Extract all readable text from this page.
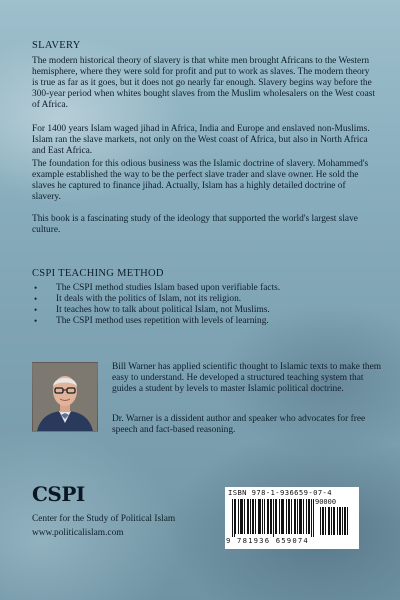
SLAVERY

The modern historical theory of slavery is that white men brought Africans to the Western hemisphere, where they were sold for profit and put to work as slaves. The modern theory is true as far as it goes, but it does not go nearly far enough. Slavery begins way before the 300-year period when whites bought slaves from the Muslim wholesalers on the West coast of Africa.

For 1400 years Islam waged jihad in Africa, India and Europe and enslaved non-Muslims. Islam ran the slave markets, not only on the West coast of Africa, but also in North Africa and East Africa.

The foundation for this odious business was the Islamic doctrine of slavery. Mohammed's example established the way to be the perfect slave trader and slave owner. He sold the slaves he captured to finance jihad. Actually, Islam has a highly detailed doctrine of slavery.

This book is a fascinating study of the ideology that supported the world's largest slave culture.

CSPI TEACHING METHOD
• The CSPI method studies Islam based upon verifiable facts.
• It deals with the politics of Islam, not its religion.
• It teaches how to talk about political Islam, not Muslims.
• The CSPI method uses repetition with levels of learning.

Bill Warner has applied scientific thought to Islamic texts to make them easy to understand. He developed a structured teaching system that guides a student by levels to master Islamic political doctrine.

Dr. Warner is a dissident author and speaker who advocates for free speech and fact-based reasoning.

CSPI
Center for the Study of Political Islam
www.politicalislam.com
ISBN 978-1-936659-07-4
90000
9 781936 659074
